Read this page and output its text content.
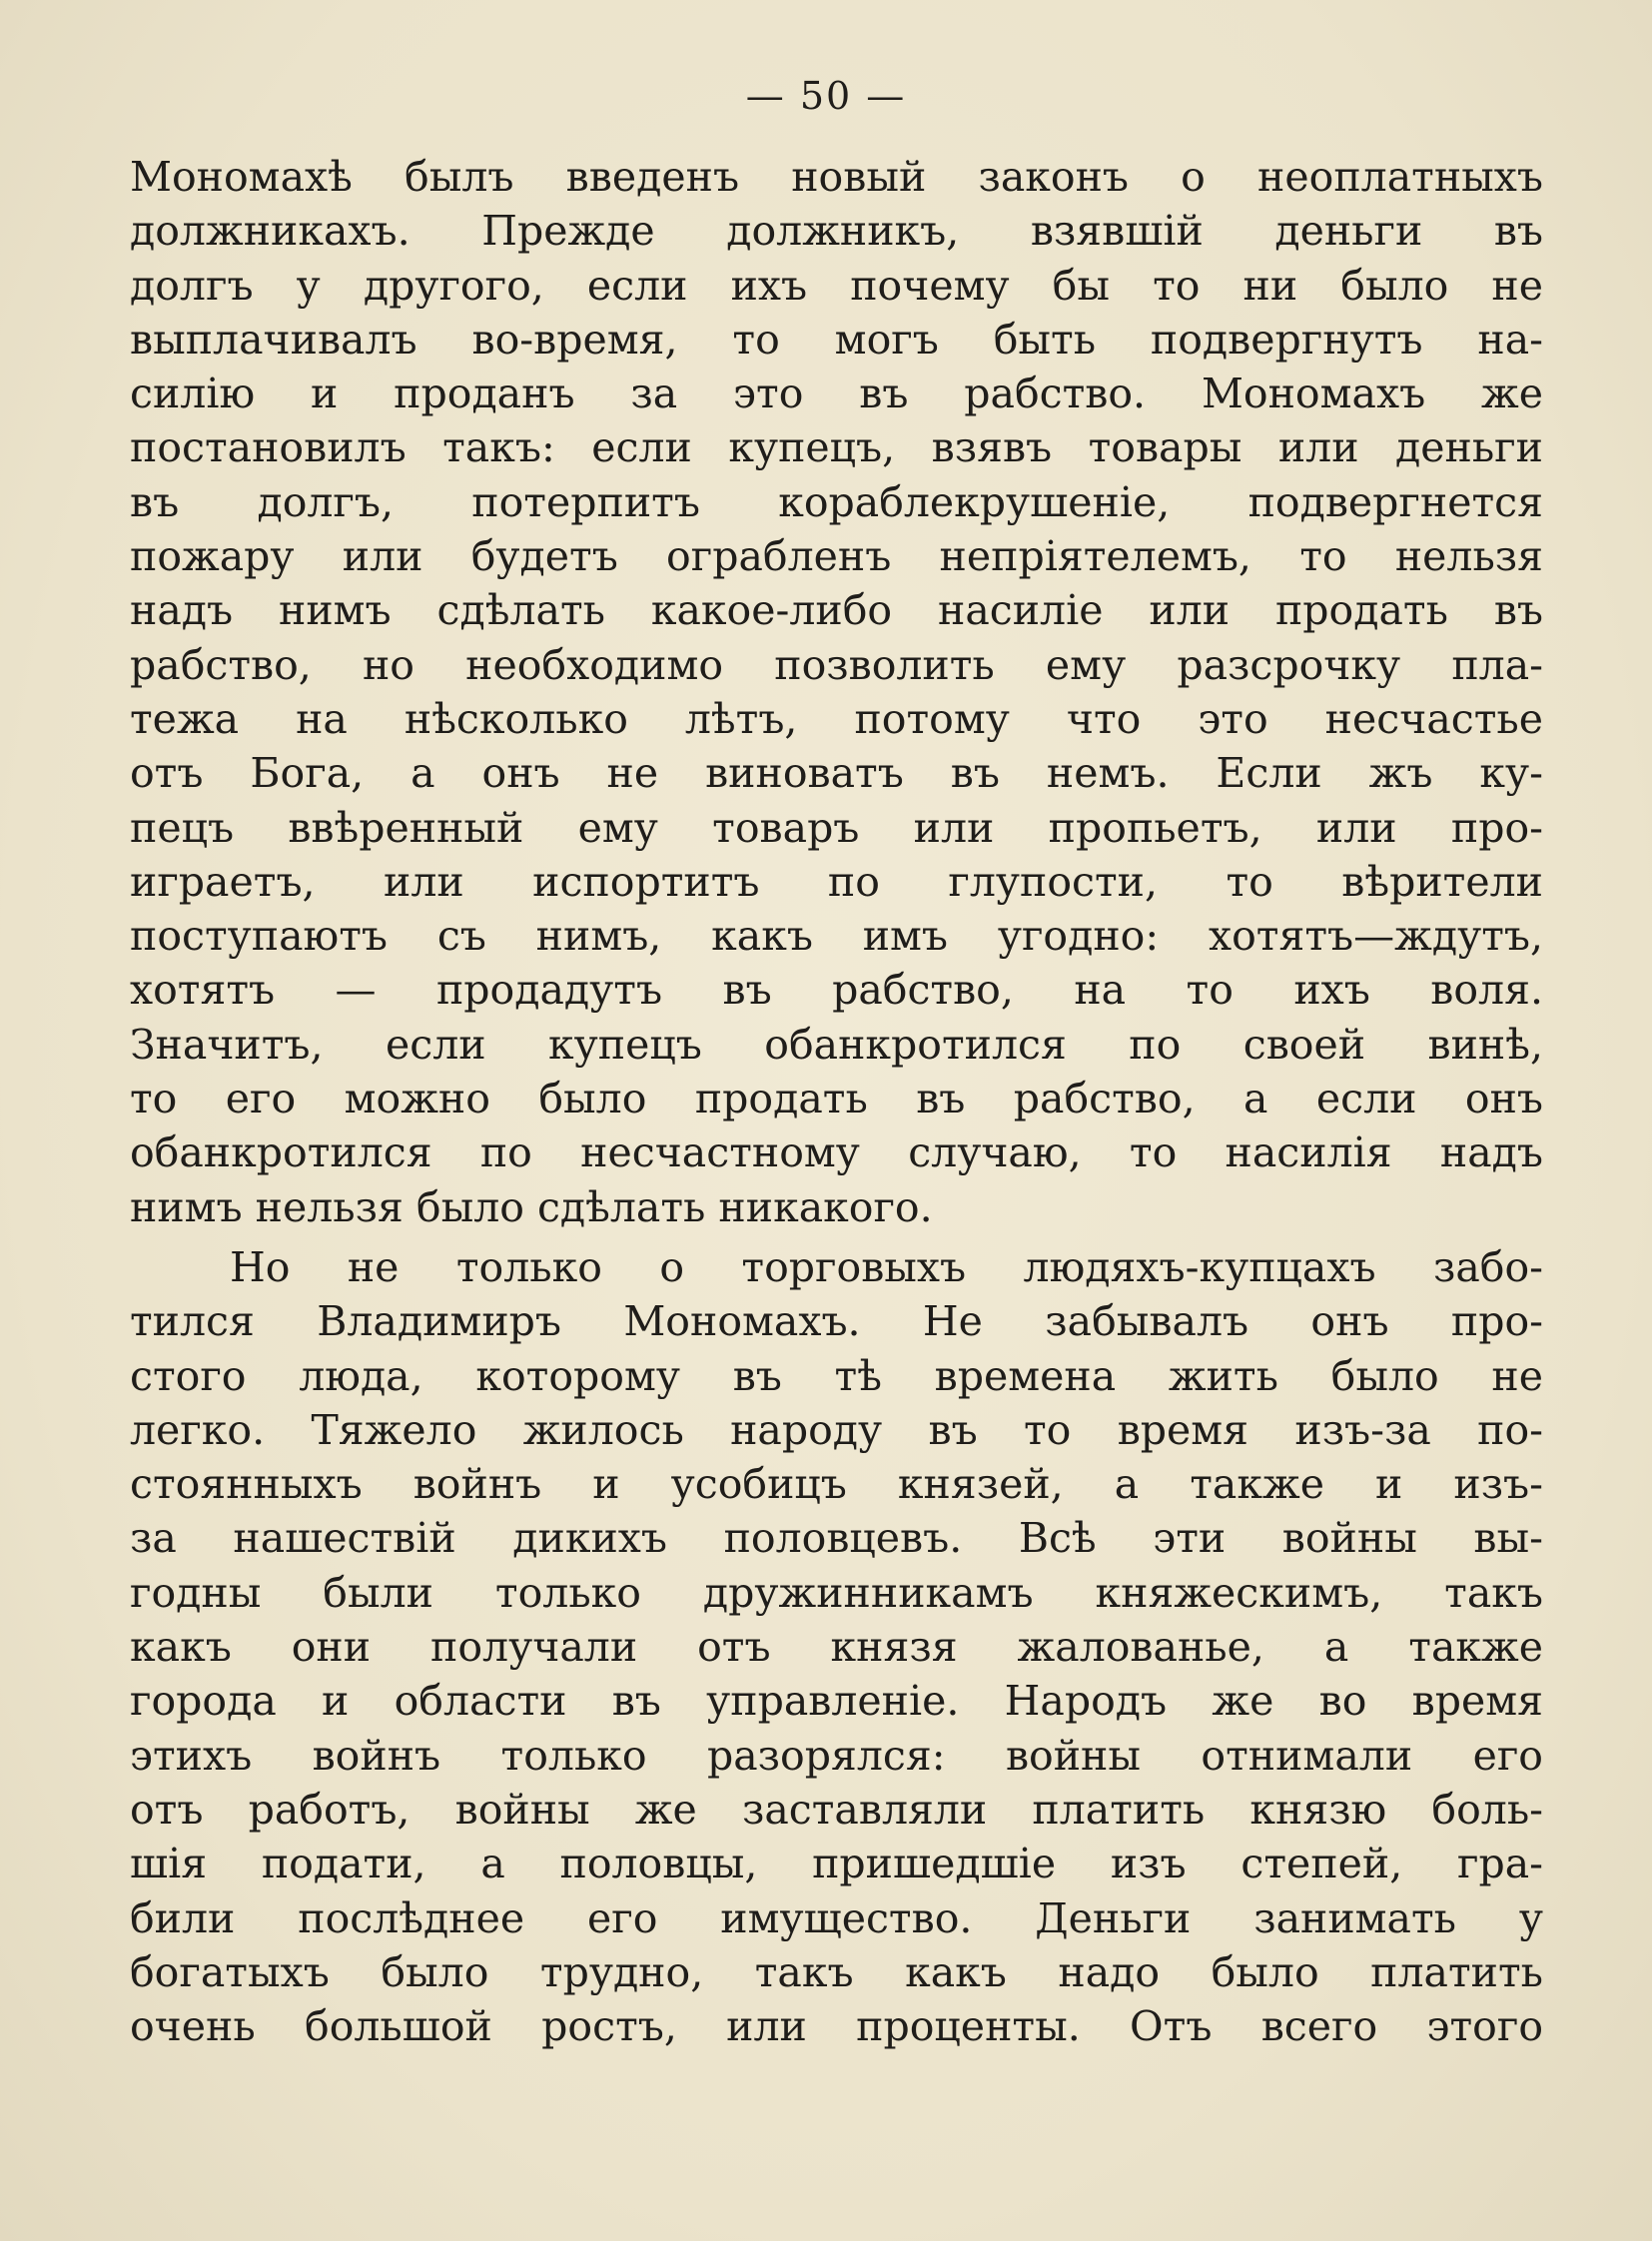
— 50 —
Мономахѣ былъ введенъ новый законъ о неоплатныхъ
должникахъ. Прежде должникъ, взявшій деньги въ
долгъ у другого, если ихъ почему бы то ни было не
выплачивалъ во-время, то могъ быть подвергнутъ на-
силію и проданъ за это въ рабство. Мономахъ же
постановилъ такъ: если купецъ, взявъ товары или деньги
въ долгъ, потерпитъ кораблекрушеніе, подвергнется
пожару или будетъ ограбленъ непріятелемъ, то нельзя
надъ нимъ сдѣлать какое-либо насиліе или продать въ
рабство, но необходимо позволить ему разсрочку пла-
тежа на нѣсколько лѣтъ, потому что это несчастье
отъ Бога, а онъ не виноватъ въ немъ. Если жъ ку-
пецъ ввѣренный ему товаръ или пропьетъ, или про-
играетъ, или испортитъ по глупости, то вѣрители
поступаютъ съ нимъ, какъ имъ угодно: хотятъ—ждутъ,
хотятъ — продадутъ въ рабство, на то ихъ воля.
Значитъ, если купецъ обанкротился по своей винѣ,
то его можно было продать въ рабство, а если онъ
обанкротился по несчастному случаю, то насилія надъ
нимъ нельзя было сдѣлать никакого.
Но не только о торговыхъ людяхъ-купцахъ забо-
тился Владимиръ Мономахъ. Не забывалъ онъ про-
стого люда, которому въ тѣ времена жить было не
легко. Тяжело жилось народу въ то время изъ-за по-
стоянныхъ войнъ и усобицъ князей, а также и изъ-
за нашествій дикихъ половцевъ. Всѣ эти войны вы-
годны были только дружинникамъ княжескимъ, такъ
какъ они получали отъ князя жалованье, а также
города и области въ управленіе. Народъ же во время
этихъ войнъ только разорялся: войны отнимали его
отъ работъ, войны же заставляли платить князю боль-
шія подати, а половцы, пришедшіе изъ степей, гра-
били послѣднее его имущество. Деньги занимать у
богатыхъ было трудно, такъ какъ надо было платить
очень большой ростъ, или проценты. Отъ всего этого
